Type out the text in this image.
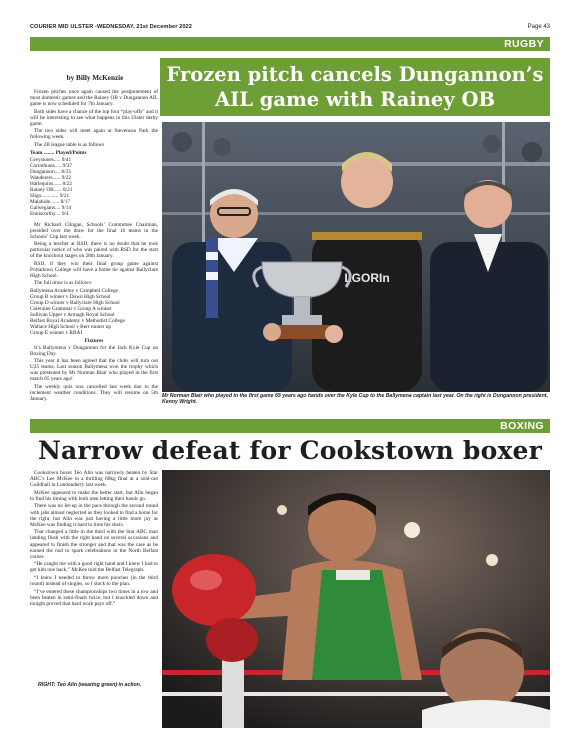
COURIER MID ULSTER -WEDNESDAY, 21st December 2022	Page 43
RUGBY
by Billy McKenzie

Frozen pitches once again caused the postponement of most domestic games and the Rainey OB v Dungannon AIL game is now scheduled for 7th January.

Both sides have a chance of the top four “play-offs” and it will be interesting to see what happens in this Ulster derby game.

The two sides will meet again at Stevenson Park the following week.

The 2B league table is as follows

Team ........ Played/Points

Greystones..... 9/41

Corinthians..... 9/37

Dungannon.... 8/33

Wanderers...... 9/22

Harlequins...... 8/22

Rainey OB...... 8/21

Sligo............. 9/21

Malahide....... 8/17

Galwegians.... 9/14

Enniscorthy.... 9/4

Mr Richard Clingan, Schools’ Committee Chairman, presided over the draw for the final 16 teams in the Schools’ Cup last week.

Being a teacher at RSD, there is no doubt that he took particular notice of who was paired with RSD for the start of the knockout stages on 28th January.

RSD, if they win their final group game against Portadown College will have a home tie against Ballyclare High School.

The full draw is as follows:

Ballymena Academy v Campbell College

Group B winner v Down High School

Group D winner v Ballyclare High School

Coleraine Grammar v Group A winner

Sullivan Upper v Armagh Royal School

Belfast Royal Academy v Methodist College

Wallace High School v Bert runner up

Group E winner v RBAI

Fixtures

It’s Ballymena v Dungannon for the Jack Kyle Cup on Boxing Day.

This year it has been agreed that the clubs will turn out U25 teams. Last season Ballymena won the trophy which was presented by Mr Norman Blair who played in the first match 65 years ago!

The weekly quiz was cancelled last week due to the inclement weather conditions. They will resume on 5th January.

Frozen pitch cancels Dungannon’s AIL game with Rainey OB
LGORIn
Mr Norman Blair who played in the first game 65 years ago hands over the Kyle Cup to the Ballymena captain last year. On the right is Dungannon president, Kenny Wright.
BOXING
Narrow defeat for Cookstown boxer

Cookstown boxer Teo Alin was narrowly beaten by Star ABC’s Lee McKee in a thrilling 60kg final at a sold-out Guildhall in Londonderry last week.

McKee appeared to make the better start, but Alin began to find his timing with both men letting their hands go.

There was no let-up in the pace through the second round with jabs almost neglected as they looked to find a home for the right, but Alin was just having a little more joy as McKee was finding it hard to time his shots.

That changed a little in the third with the Star ABC man landing flush with the right hand on several occasions and appeared to finish the stronger and that was the case as he earned the nod to spark celebrations in the North Belfast corner.

“He caught me with a good right hand and I knew I had to get him one back,” McKee told the Belfast Telegraph.

“I knew I needed to throw more punches (in the third round) instead of singles, so I stuck to the plan.

“I’ve entered these championships two times in a row and been beaten in semi-finals twice, but I knuckled down and tonight proved that hard work pays off.”

RIGHT: Teo Alin (wearing green) in action.
